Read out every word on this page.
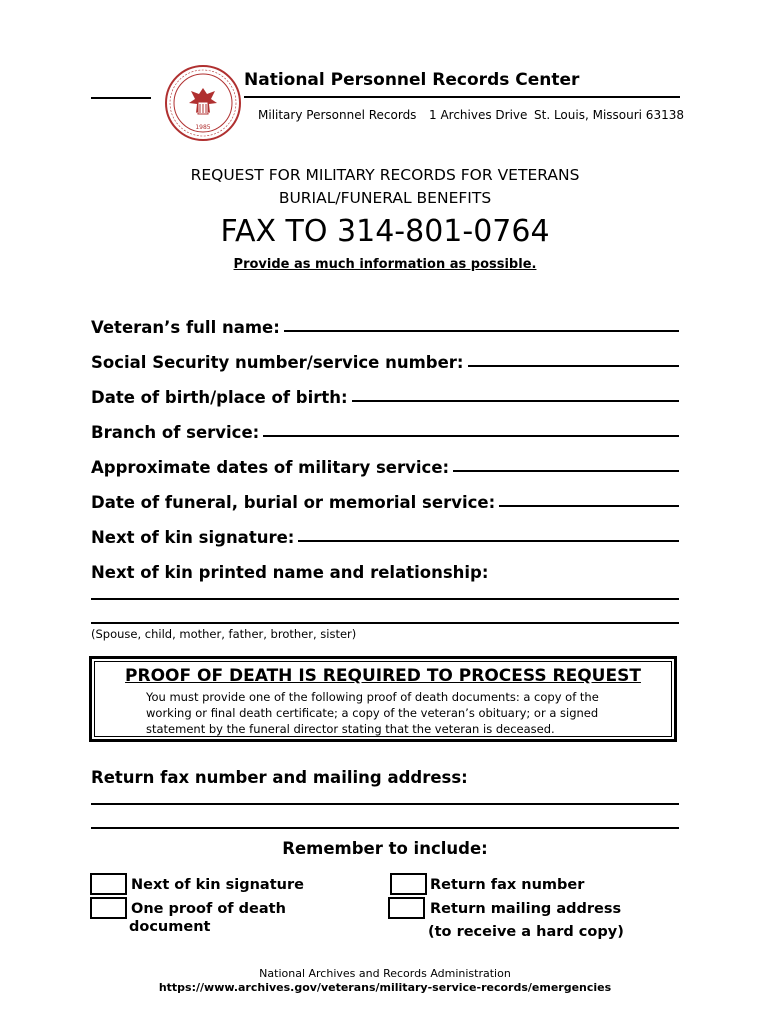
1985
National Personnel Records Center
Military Personnel Records 1 Archives Drive St. Louis, Missouri 63138
REQUEST FOR MILITARY RECORDS FOR VETERANS
BURIAL/FUNERAL BENEFITS
FAX TO 314-801-0764
Provide as much information as possible.
Veteran’s full name:
Social Security number/service number:
Date of birth/place of birth:
Branch of service:
Approximate dates of military service:
Date of funeral, burial or memorial service:
Next of kin signature:
Next of kin printed name and relationship:
(Spouse, child, mother, father, brother, sister)
PROOF OF DEATH IS REQUIRED TO PROCESS REQUEST
You must provide one of the following proof of death documents: a copy of the working or final death certificate; a copy of the veteran’s obituary; or a signed statement by the funeral director stating that the veteran is deceased.
Return fax number and mailing address:
Remember to include:
Next of kin signature
One proof of death
document
Return fax number
Return mailing address
(to receive a hard copy)
National Archives and Records Administration
https://www.archives.gov/veterans/military-service-records/emergencies
